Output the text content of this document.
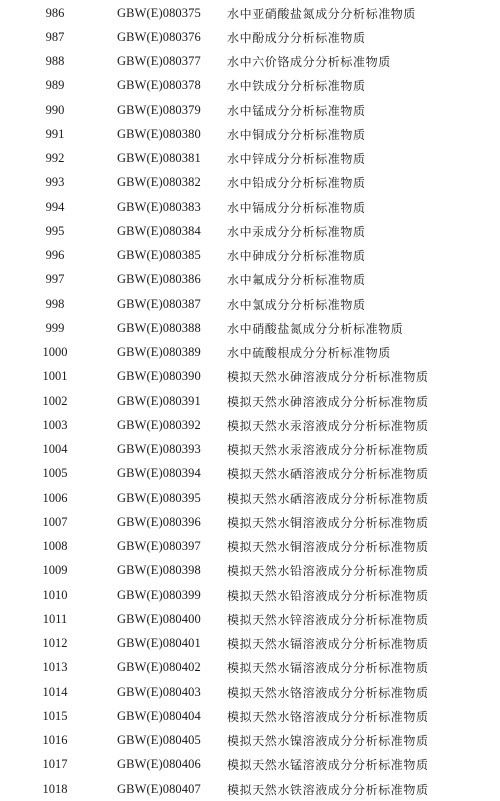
986	GBW(E)080375 水中亚硝酸盐氮成分分析标准物质
987	GBW(E)080376 水中酚成分分析标准物质
988	GBW(E)080377 水中六价铬成分分析标准物质
989	GBW(E)080378 水中铁成分分析标准物质
990	GBW(E)080379 水中锰成分分析标准物质
991	GBW(E)080380 水中铜成分分析标准物质
992	GBW(E)080381 水中锌成分分析标准物质
993	GBW(E)080382 水中铅成分分析标准物质
994	GBW(E)080383 水中镉成分分析标准物质
995	GBW(E)080384 水中汞成分分析标准物质
996	GBW(E)080385 水中砷成分分析标准物质
997	GBW(E)080386 水中氟成分分析标准物质
998	GBW(E)080387 水中氯成分分析标准物质
999	GBW(E)080388 水中硝酸盐氮成分分析标准物质
1000	GBW(E)080389 水中硫酸根成分分析标准物质
1001	GBW(E)080390 模拟天然水砷溶液成分分析标准物质
1002	GBW(E)080391 模拟天然水砷溶液成分分析标准物质
1003	GBW(E)080392 模拟天然水汞溶液成分分析标准物质
1004	GBW(E)080393 模拟天然水汞溶液成分分析标准物质
1005	GBW(E)080394 模拟天然水硒溶液成分分析标准物质
1006	GBW(E)080395 模拟天然水硒溶液成分分析标准物质
1007	GBW(E)080396 模拟天然水铜溶液成分分析标准物质
1008	GBW(E)080397 模拟天然水铜溶液成分分析标准物质
1009	GBW(E)080398 模拟天然水铅溶液成分分析标准物质
1010	GBW(E)080399 模拟天然水铅溶液成分分析标准物质
1011	GBW(E)080400 模拟天然水锌溶液成分分析标准物质
1012	GBW(E)080401 模拟天然水镉溶液成分分析标准物质
1013	GBW(E)080402 模拟天然水镉溶液成分分析标准物质
1014	GBW(E)080403 模拟天然水铬溶液成分分析标准物质
1015	GBW(E)080404 模拟天然水铬溶液成分分析标准物质
1016	GBW(E)080405 模拟天然水镍溶液成分分析标准物质
1017	GBW(E)080406 模拟天然水锰溶液成分分析标准物质
1018	GBW(E)080407 模拟天然水铁溶液成分分析标准物质
